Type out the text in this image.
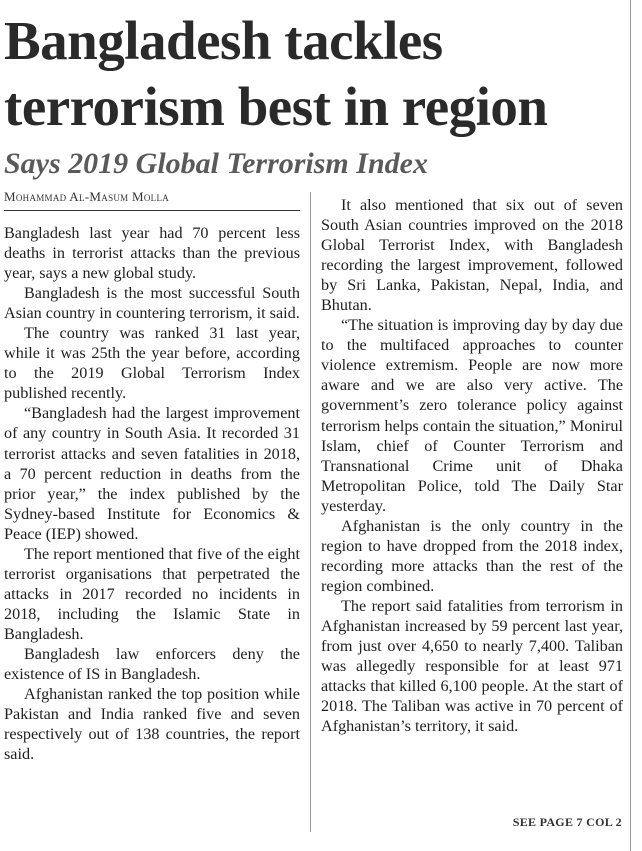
Bangladesh tackles terrorism best in region
Says 2019 Global Terrorism Index
Mohammad Al-Masum Molla

Bangladesh last year had 70 percent less deaths in terrorist attacks than the previous year, says a new global study.

Bangladesh is the most successful South Asian country in countering terrorism, it said.

The country was ranked 31 last year, while it was 25th the year before, according to the 2019 Global Terrorism Index published recently.

“Bangladesh had the largest improvement of any country in South Asia. It recorded 31 terrorist attacks and seven fatalities in 2018, a 70 percent reduction in deaths from the prior year,” the index published by the Sydney-based Institute for Economics & Peace (IEP) showed.

The report mentioned that five of the eight terrorist organisations that perpetrated the attacks in 2017 recorded no incidents in 2018, including the Islamic State in Bangladesh.

Bangladesh law enforcers deny the existence of IS in Bangladesh.

Afghanistan ranked the top position while Pakistan and India ranked five and seven respectively out of 138 countries, the report said.

It also mentioned that six out of seven South Asian countries improved on the 2018 Global Terrorist Index, with Bangladesh recording the largest improvement, followed by Sri Lanka, Pakistan, Nepal, India, and Bhutan.

“The situation is improving day by day due to the multifaced approaches to counter violence extremism. People are now more aware and we are also very active. The government’s zero tolerance policy against terrorism helps contain the situation,” Monirul Islam, chief of Counter Terrorism and Transnational Crime unit of Dhaka Metropolitan Police, told The Daily Star yesterday.

Afghanistan is the only country in the region to have dropped from the 2018 index, recording more attacks than the rest of the region combined.

The report said fatalities from terrorism in Afghanistan increased by 59 percent last year, from just over 4,650 to nearly 7,400. Taliban was allegedly responsible for at least 971 attacks that killed 6,100 people. At the start of 2018. The Taliban was active in 70 percent of Afghanistan’s territory, it said.

SEE PAGE 7 COL 2
